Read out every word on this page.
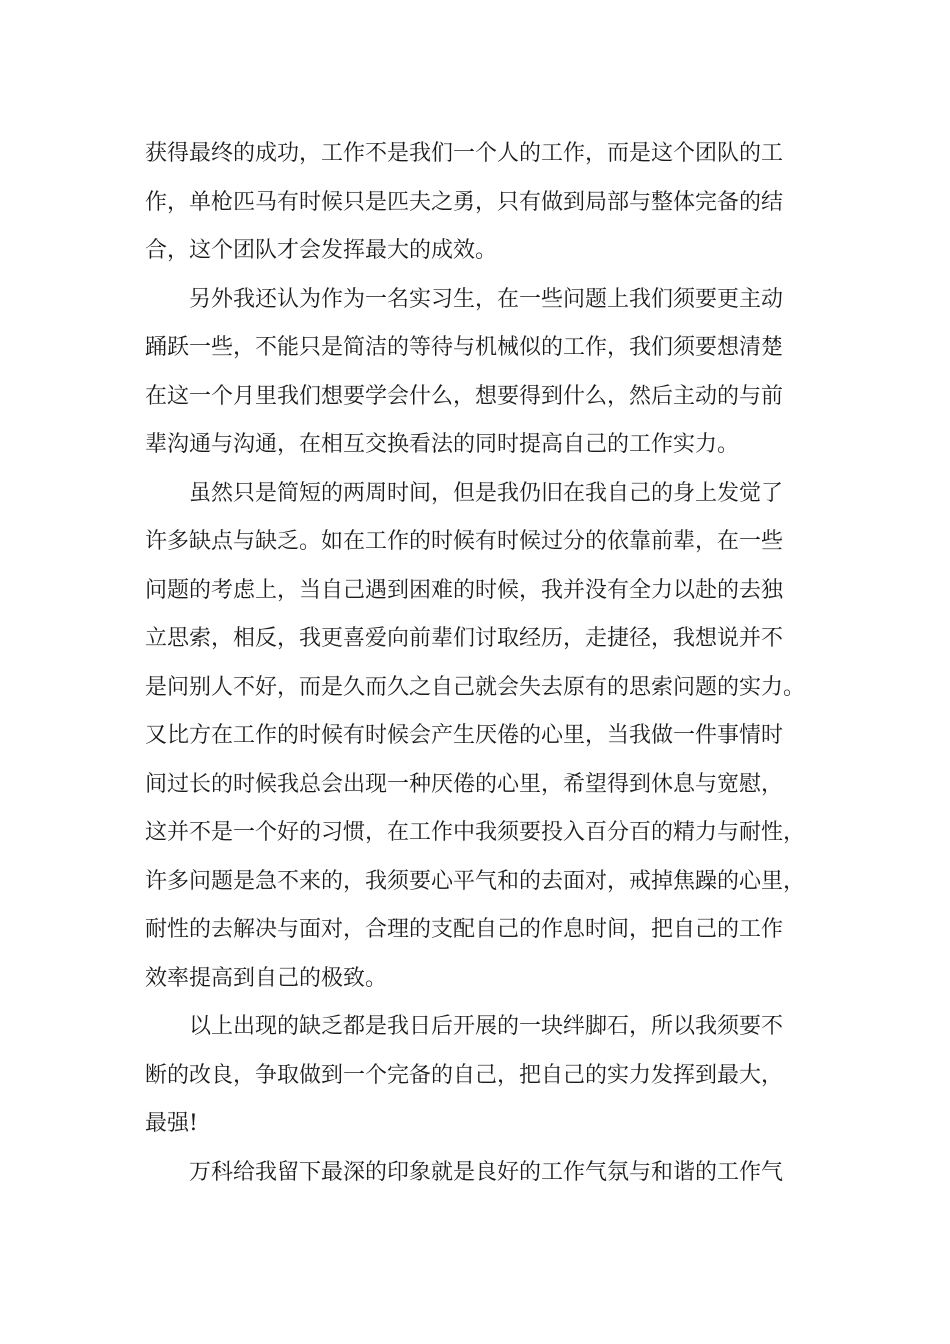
获得最终的成功，工作不是我们一个人的工作，而是这个团队的工
作，单枪匹马有时候只是匹夫之勇，只有做到局部与整体完备的结
合，这个团队才会发挥最大的成效。
另外我还认为作为一名实习生，在一些问题上我们须要更主动
踊跃一些，不能只是简洁的等待与机械似的工作，我们须要想清楚
在这一个月里我们想要学会什么，想要得到什么，然后主动的与前
辈沟通与沟通，在相互交换看法的同时提高自己的工作实力。
虽然只是简短的两周时间，但是我仍旧在我自己的身上发觉了
许多缺点与缺乏。如在工作的时候有时候过分的依靠前辈，在一些
问题的考虑上，当自己遇到困难的时候，我并没有全力以赴的去独
立思索，相反，我更喜爱向前辈们讨取经历，走捷径，我想说并不
是问别人不好，而是久而久之自己就会失去原有的思索问题的实力。
又比方在工作的时候有时候会产生厌倦的心里，当我做一件事情时
间过长的时候我总会出现一种厌倦的心里，希望得到休息与宽慰，
这并不是一个好的习惯，在工作中我须要投入百分百的精力与耐性，
许多问题是急不来的，我须要心平气和的去面对，戒掉焦躁的心里，
耐性的去解决与面对，合理的支配自己的作息时间，把自己的工作
效率提高到自己的极致。
以上出现的缺乏都是我日后开展的一块绊脚石，所以我须要不
断的改良，争取做到一个完备的自己，把自己的实力发挥到最大，
最强!
万科给我留下最深的印象就是良好的工作气氛与和谐的工作气
